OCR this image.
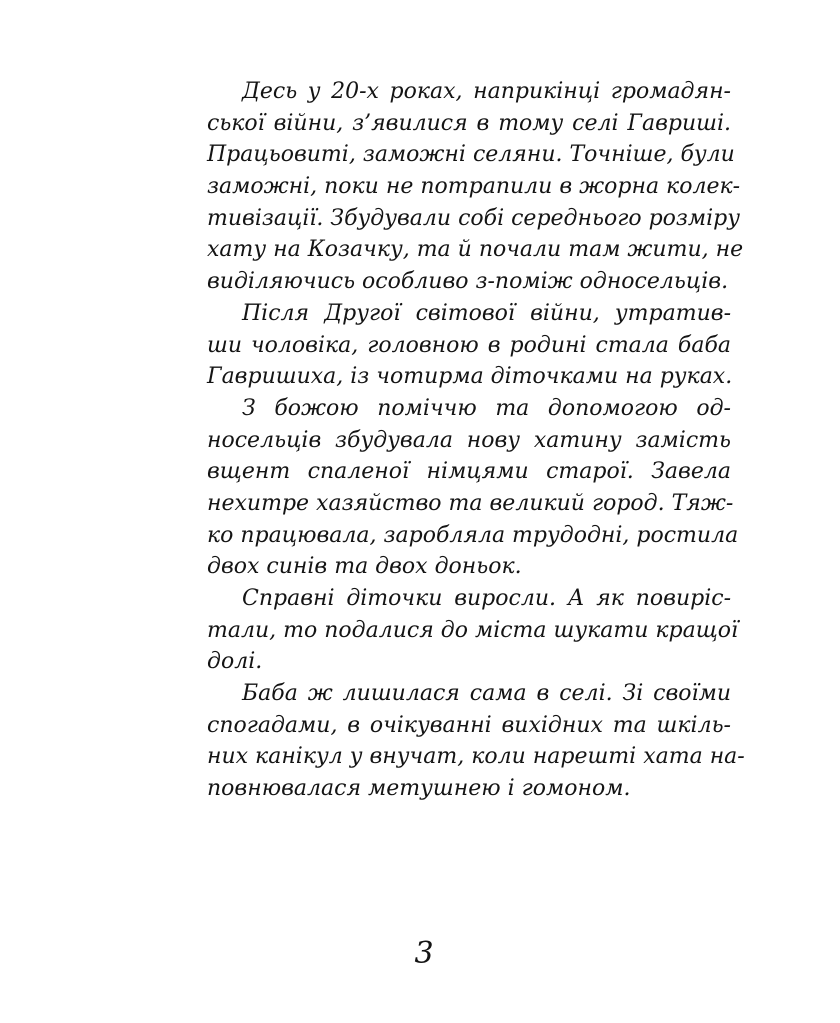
Десь у 20-х роках, наприкінці громадян-
ської війни, з’явилися в тому селі Гавриші.
Працьовиті, заможні селяни. Точніше, були
заможні, поки не потрапили в жорна колек-
тивізації. Збудували собі середнього розміру
хату на Козачку, та й почали там жити, не
виділяючись особливо з-поміж односельців.
Після Другої світової війни, утратив-
ши чоловіка, головною в родині стала баба
Гавришиха, із чотирма діточками на руках.
З божою поміччю та допомогою од-
носельців збудувала нову хатину замість
вщент спаленої німцями старої. Завела
нехитре хазяйство та великий город. Тяж-
ко працювала, заробляла трудодні, ростила
двох синів та двох доньок.
Справні діточки виросли. А як повиріс-
тали, то подалися до міста шукати кращої
долі.
Баба ж лишилася сама в селі. Зі своїми
спогадами, в очікуванні вихідних та шкіль-
них канікул у внучат, коли нарешті хата на-
повнювалася метушнею і гомоном.
3
